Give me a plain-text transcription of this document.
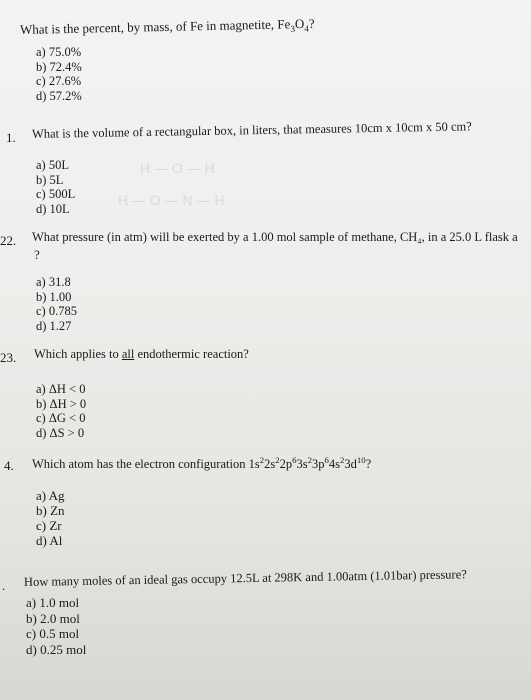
What is the percent, by mass, of Fe in magnetite, $Fe_3O_4$?
a) 75.0%
b) 72.4%
c) 27.6%
d) 57.2%
1. What is the volume of a rectangular box, in liters, that measures 10cm x 10cm x 50 cm?
a) 50L
b) 5L
c) 500L
d) 10L
H — O — H
H — O — N — H
22. What pressure (in atm) will be exerted by a 1.00 mol sample of methane, CH₄, in a 25.0 L flask a
?
a) 31.8
b) 1.00
c) 0.785
d) 1.27
23. Which applies to all endothermic reaction?
a) ΔH < 0
b) ΔH > 0
c) ΔG < 0
d) ΔS > 0
4. Which atom has the electron configuration $1s^22s^22p^63s^23p^64s^23d^{10}$?
a) Ag
b) Zn
c) Zr
d) Al
. How many moles of an ideal gas occupy 12.5L at 298K and 1.00atm (1.01bar) pressure?
a) 1.0 mol
b) 2.0 mol
c) 0.5 mol
d) 0.25 mol
